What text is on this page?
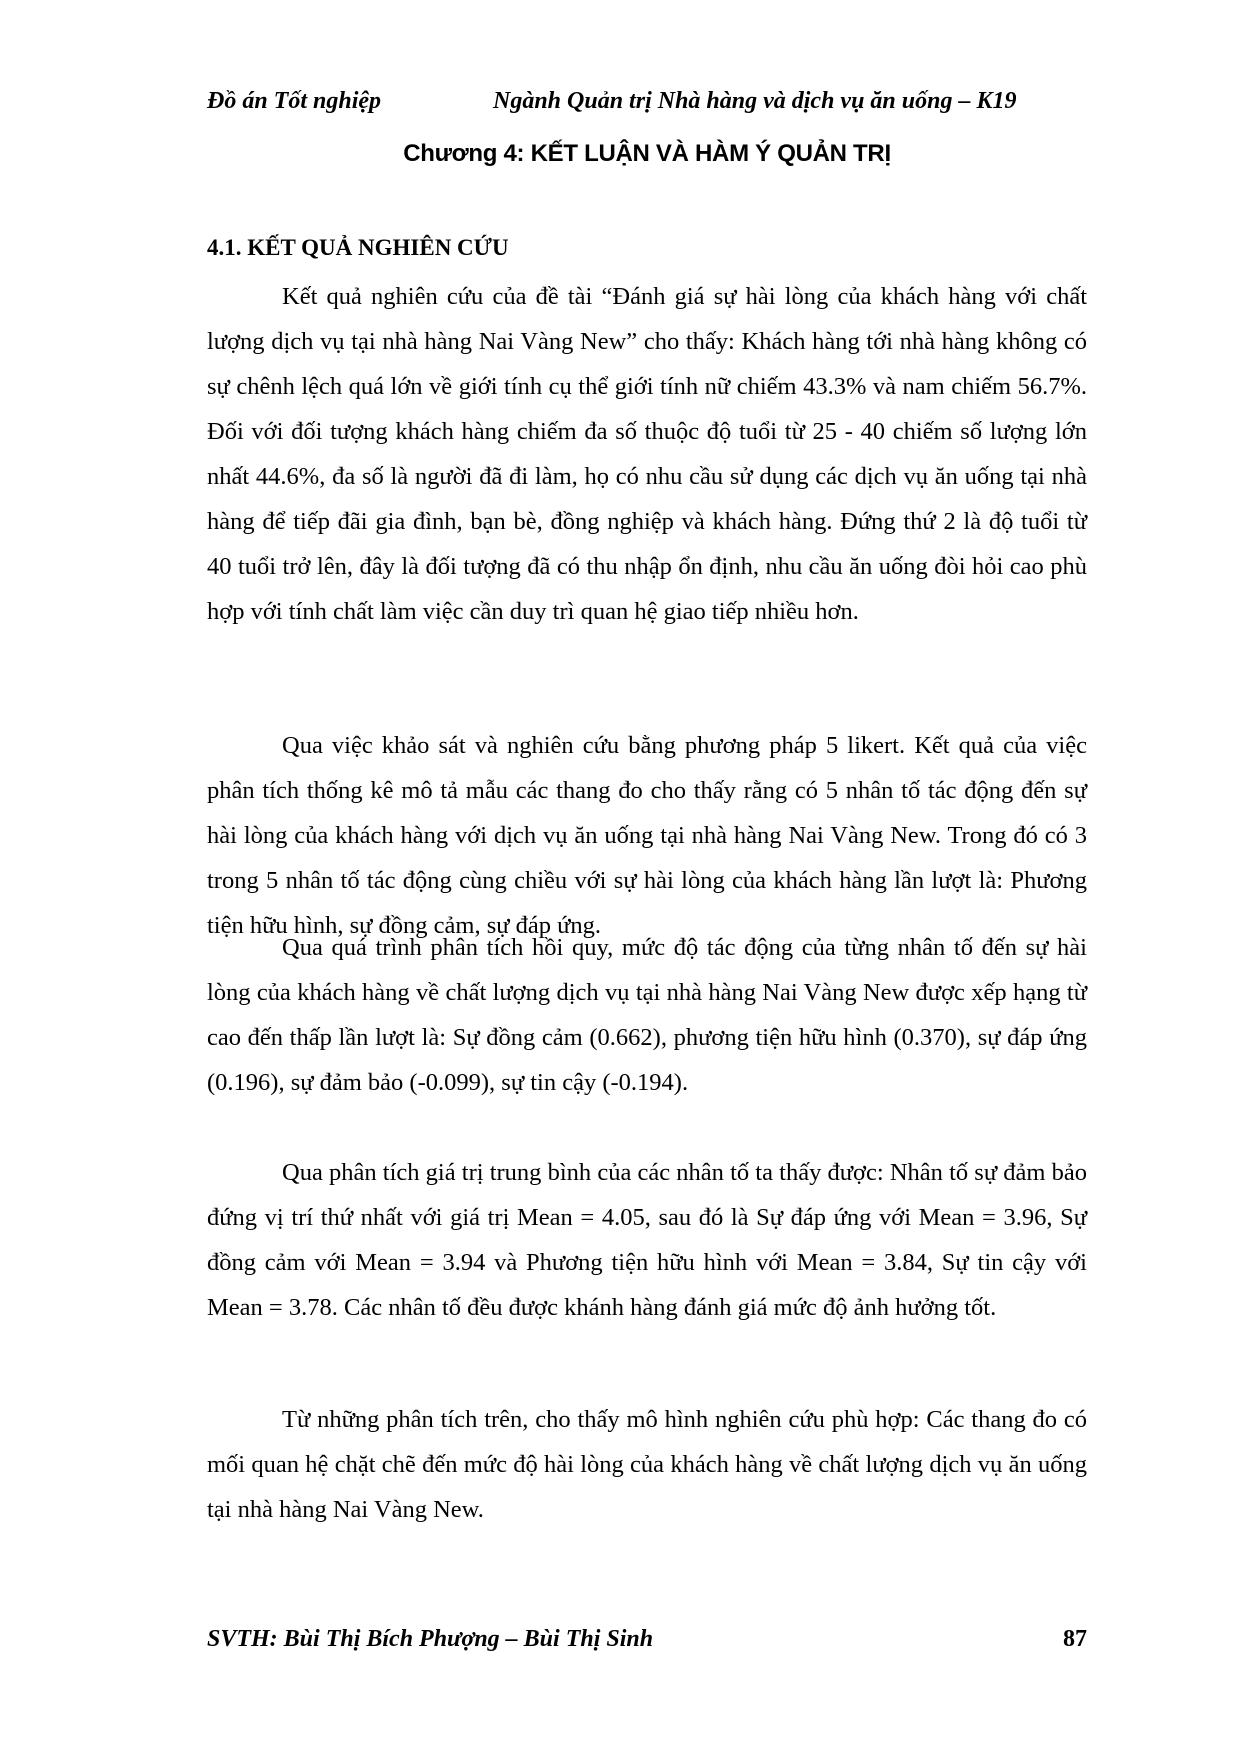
Đồ án Tốt nghiệp	Ngành Quản trị Nhà hàng và dịch vụ ăn uống – K19
Chương 4: KẾT LUẬN VÀ HÀM Ý QUẢN TRỊ
4.1. KẾT QUẢ NGHIÊN CỨU

Kết quả nghiên cứu của đề tài “Đánh giá sự hài lòng của khách hàng với chất lượng dịch vụ tại nhà hàng Nai Vàng New” cho thấy: Khách hàng tới nhà hàng không có sự chênh lệch quá lớn về giới tính cụ thể giới tính nữ chiếm 43.3% và nam chiếm 56.7%. Đối với đối tượng khách hàng chiếm đa số thuộc độ tuổi từ 25 - 40 chiếm số lượng lớn nhất 44.6%, đa số là người đã đi làm, họ có nhu cầu sử dụng các dịch vụ ăn uống tại nhà hàng để tiếp đãi gia đình, bạn bè, đồng nghiệp và khách hàng. Đứng thứ 2 là độ tuổi từ 40 tuổi trở lên, đây là đối tượng đã có thu nhập ổn định, nhu cầu ăn uống đòi hỏi cao phù hợp với tính chất làm việc cần duy trì quan hệ giao tiếp nhiều hơn.

Qua việc khảo sát và nghiên cứu bằng phương pháp 5 likert. Kết quả của việc phân tích thống kê mô tả mẫu các thang đo cho thấy rằng có 5 nhân tố tác động đến sự hài lòng của khách hàng với dịch vụ ăn uống tại nhà hàng Nai Vàng New. Trong đó có 3 trong 5 nhân tố tác động cùng chiều với sự hài lòng của khách hàng lần lượt là: Phương tiện hữu hình, sự đồng cảm, sự đáp ứng.

Qua quá trình phân tích hồi quy, mức độ tác động của từng nhân tố đến sự hài lòng của khách hàng về chất lượng dịch vụ tại nhà hàng Nai Vàng New được xếp hạng từ cao đến thấp lần lượt là: Sự đồng cảm (0.662), phương tiện hữu hình (0.370), sự đáp ứng (0.196), sự đảm bảo (-0.099), sự tin cậy (-0.194).

Qua phân tích giá trị trung bình của các nhân tố ta thấy được: Nhân tố sự đảm bảo đứng vị trí thứ nhất với giá trị Mean = 4.05, sau đó là Sự đáp ứng với Mean = 3.96, Sự đồng cảm với Mean = 3.94 và Phương tiện hữu hình với Mean = 3.84, Sự tin cậy với Mean = 3.78. Các nhân tố đều được khánh hàng đánh giá mức độ ảnh hưởng tốt.

Từ những phân tích trên, cho thấy mô hình nghiên cứu phù hợp: Các thang đo có mối quan hệ chặt chẽ đến mức độ hài lòng của khách hàng về chất lượng dịch vụ ăn uống tại nhà hàng Nai Vàng New.

SVTH: Bùi Thị Bích Phượng – Bùi Thị Sinh	87
